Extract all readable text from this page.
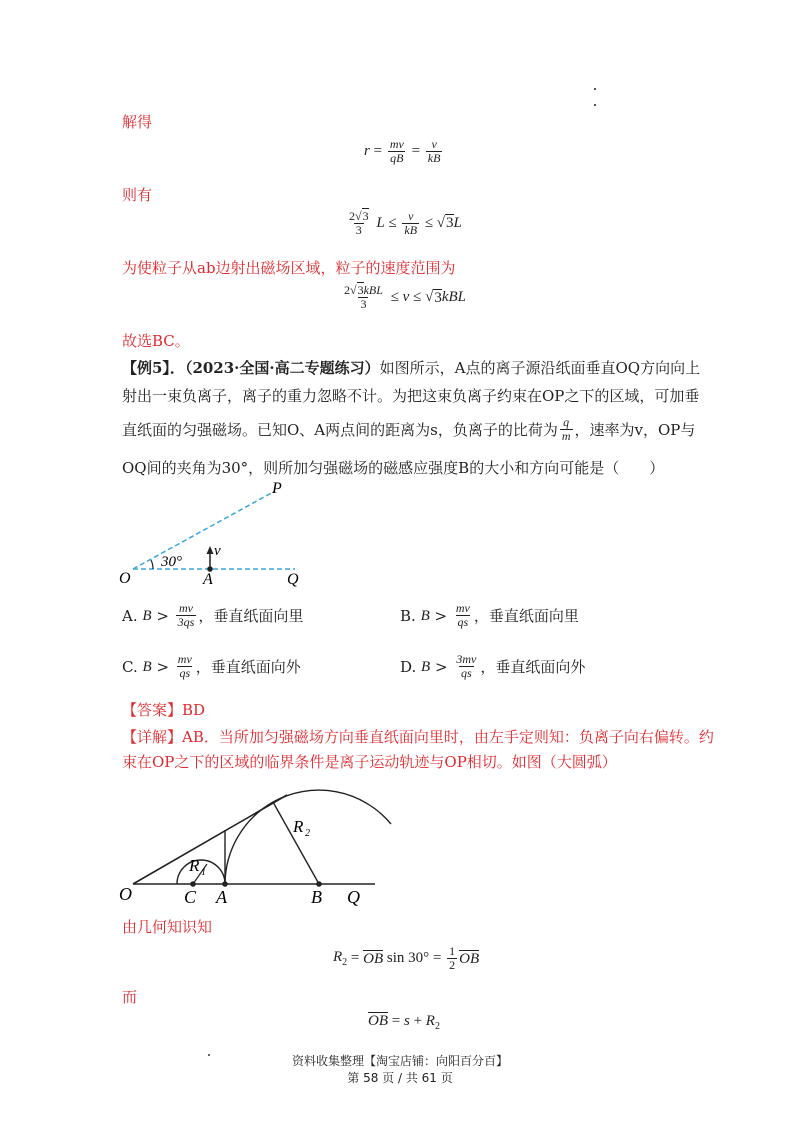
解得
$r = \frac{mv}{qB} = \frac{v}{kB}$
则有
$\frac{2√3}{3}$ $L \le \frac{v}{kB} \le √3$ L
为使粒子从ab边射出磁场区域，粒子的速度范围为
$\frac{\text{2√3kBL}}{3} \le v$ ≤ √ 3 kBL
故选BC。
【例5】．（2023·全国·高二专题练习）如图所示，A点的离子源沿纸面垂直OQ方向向上
射出一束负离子，离子的重力忽略不计。为把这束负离子约束在OP之下的区域，可加垂
直纸面的匀强磁场。已知O、A两点间的距离为s，负离子的比荷为 $\frac{q}{m}$ ，速率为v，OP与
OQ间的夹角为30°，则所加匀强磁场的磁感应强度B的大小和方向可能是（　　）
P
O	A	Q
v
30°
A.
$B > \frac{mv}{3qs}$ ，垂直纸面向里	B.
$B > \frac{mv}{qs}$ ，垂直纸面向里
C.
$B > \frac{mv}{qs}$ ，垂直纸面向外	D.
$B > \frac{3mv}{qs}$ ，垂直纸面向外
【答案】BD
【详解】AB．当所加匀强磁场方向垂直纸面向里时，由左手定则知：负离子向右偏转。约
束在OP之下的区域的临界条件是离子运动轨迹与OP相切。如图（大圆弧）
O	C A	B Q
R 1
R 2
由几何知识知
$R_2$ = OB $\sin 30^\circ = \frac{1}{2}$ OB
而
OB = $s + R_2$
资料收集整理【淘宝店铺：向阳百分百】
第 58 页 / 共 61 页
